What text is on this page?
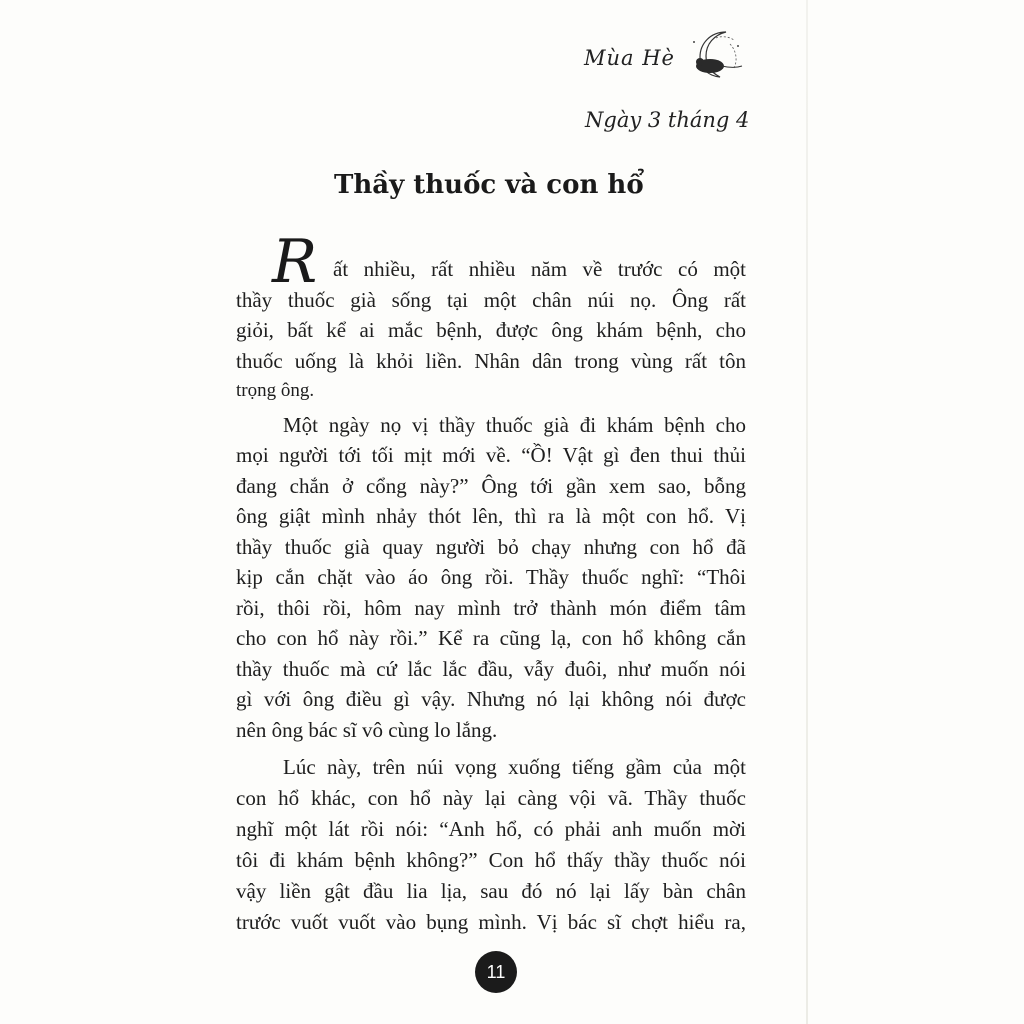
Mùa Hè
Ngày 3 tháng 4
Thầy thuốc và con hổ
R ất nhiều, rất nhiều năm về trước có một
thầy thuốc già sống tại một chân núi nọ. Ông rất
giỏi, bất kể ai mắc bệnh, được ông khám bệnh, cho
thuốc uống là khỏi liền. Nhân dân trong vùng rất tôn
trọng ông.
Một ngày nọ vị thầy thuốc già đi khám bệnh cho
mọi người tới tối mịt mới về. “Ồ! Vật gì đen thui thủi
đang chắn ở cổng này?” Ông tới gần xem sao, bỗng
ông giật mình nhảy thót lên, thì ra là một con hổ. Vị
thầy thuốc già quay người bỏ chạy nhưng con hổ đã
kịp cắn chặt vào áo ông rồi. Thầy thuốc nghĩ: “Thôi
rồi, thôi rồi, hôm nay mình trở thành món điểm tâm
cho con hổ này rồi.” Kể ra cũng lạ, con hổ không cắn
thầy thuốc mà cứ lắc lắc đầu, vẫy đuôi, như muốn nói
gì với ông điều gì vậy. Nhưng nó lại không nói được
nên ông bác sĩ vô cùng lo lắng.
Lúc này, trên núi vọng xuống tiếng gầm của một
con hổ khác, con hổ này lại càng vội vã. Thầy thuốc
nghĩ một lát rồi nói: “Anh hổ, có phải anh muốn mời
tôi đi khám bệnh không?” Con hổ thấy thầy thuốc nói
vậy liền gật đầu lia lịa, sau đó nó lại lấy bàn chân
trước vuốt vuốt vào bụng mình. Vị bác sĩ chợt hiểu ra,
11
